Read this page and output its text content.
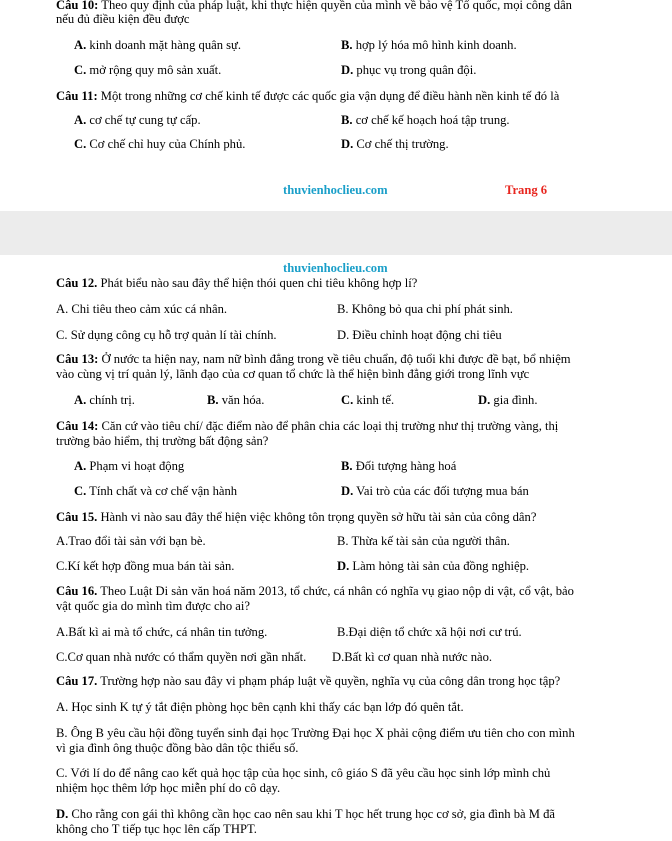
Câu 10: Theo quy định của pháp luật, khi thực hiện quyền của mình về bảo vệ Tổ quốc, mọi công dân
nếu đủ điều kiện đều được
A. kinh doanh mặt hàng quân sự.	B. hợp lý hóa mô hình kinh doanh.
C. mở rộng quy mô sản xuất.	D. phục vụ trong quân đội.
Câu 11: Một trong những cơ chế kinh tế được các quốc gia vận dụng để điều hành nền kinh tế đó là
A. cơ chế tự cung tự cấp.	B. cơ chế kế hoạch hoá tập trung.
C. Cơ chế chỉ huy của Chính phủ.	D. Cơ chế thị trường.
thuvienhoclieu.com	Trang 6
thuvienhoclieu.com
Câu 12. Phát biểu nào sau đây thể hiện thói quen chi tiêu không hợp lí?
A. Chi tiêu theo cảm xúc cá nhân.	B. Không bỏ qua chi phí phát sinh.
C. Sử dụng công cụ hỗ trợ quản lí tài chính.	D. Điều chỉnh hoạt động chi tiêu
Câu 13: Ở nước ta hiện nay, nam nữ bình đẳng trong về tiêu chuẩn, độ tuổi khi được đề bạt, bổ nhiệm
vào cùng vị trí quản lý, lãnh đạo của cơ quan tổ chức là thể hiện bình đẳng giới trong lĩnh vực
A. chính trị.	B. văn hóa.	C. kinh tế.	D. gia đình.
Câu 14: Căn cứ vào tiêu chí/ đặc điểm nào để phân chia các loại thị trường như thị trường vàng, thị
trường bảo hiểm, thị trường bất động sản?
A. Phạm vi hoạt động	B. Đối tượng hàng hoá
C. Tính chất và cơ chế vận hành	D. Vai trò của các đối tượng mua bán
Câu 15. Hành vi nào sau đây thể hiện việc không tôn trọng quyền sở hữu tài sản của công dân?
A.Trao đổi tài sản với bạn bè.	B. Thừa kế tài sản của người thân.
C.Kí kết hợp đồng mua bán tài sản.	D. Làm hỏng tài sản của đồng nghiệp.
Câu 16. Theo Luật Di sản văn hoá năm 2013, tổ chức, cá nhân có nghĩa vụ giao nộp di vật, cổ vật, bảo
vật quốc gia do mình tìm được cho ai?
A.Bất kì ai mà tổ chức, cá nhân tin tưởng.	B.Đại diện tổ chức xã hội nơi cư trú.
C.Cơ quan nhà nước có thẩm quyền nơi gần nhất. D.Bất kì cơ quan nhà nước nào.
Câu 17. Trường hợp nào sau đây vi phạm pháp luật về quyền, nghĩa vụ của công dân trong học tập?
A. Học sinh K tự ý tắt điện phòng học bên cạnh khi thấy các bạn lớp đó quên tắt.
B. Ông B yêu cầu hội đồng tuyển sinh đại học Trường Đại học X phải cộng điểm ưu tiên cho con mình
vì gia đình ông thuộc đồng bào dân tộc thiểu số.
C. Với lí do để nâng cao kết quả học tập của học sinh, cô giáo S đã yêu cầu học sinh lớp mình chủ
nhiệm học thêm lớp học miễn phí do cô dạy.
D. Cho rằng con gái thì không cần học cao nên sau khi T học hết trung học cơ sở, gia đình bà M đã
không cho T tiếp tục học lên cấp THPT.
